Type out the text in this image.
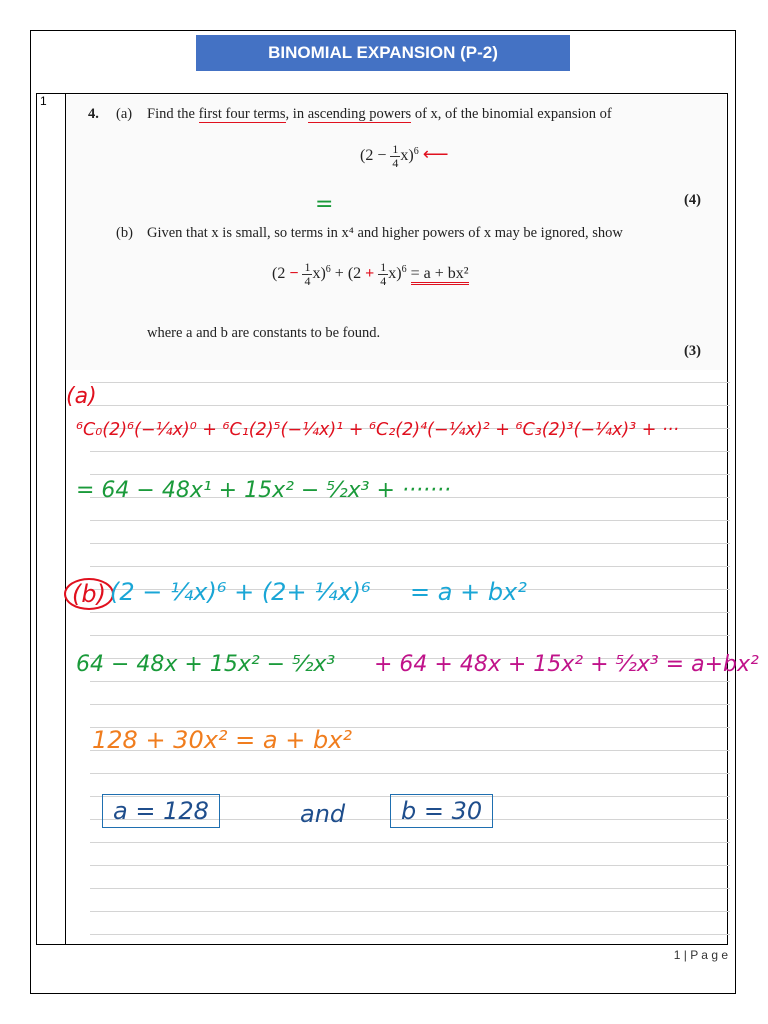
BINOMIAL EXPANSION (P-2)
1
4. (a) Find the first four terms, in ascending powers of x, of the binomial expansion of
$(2 - \frac{1}{4} x)^6$ ⟵
(4)
(b) Given that x is small, so terms in x⁴ and higher powers of x may be ignored, show
$(2 - \frac{1}{4} x)^6 + (2 + \frac{1}{4} x)^6 = a + bx^2$
where a and b are constants to be found.
(3)
=
(a)
⁶C₀(2)⁶(−¼x)⁰ + ⁶C₁(2)⁵(−¼x)¹ + ⁶C₂(2)⁴(−¼x)² + ⁶C₃(2)³(−¼x)³ + ···
= 64 − 48x¹ + 15x² − ⁵⁄₂x³ + ·······
(b) (2 − ¼x)⁶ + (2+ ¼x)⁶ = a + bx²
64 − 48x + 15x² − ⁵⁄₂x³ + 64 + 48x + 15x² + ⁵⁄₂x³ = a+bx²
128 + 30x² = a + bx²
a = 128	and	b = 30
1 | P a g e
